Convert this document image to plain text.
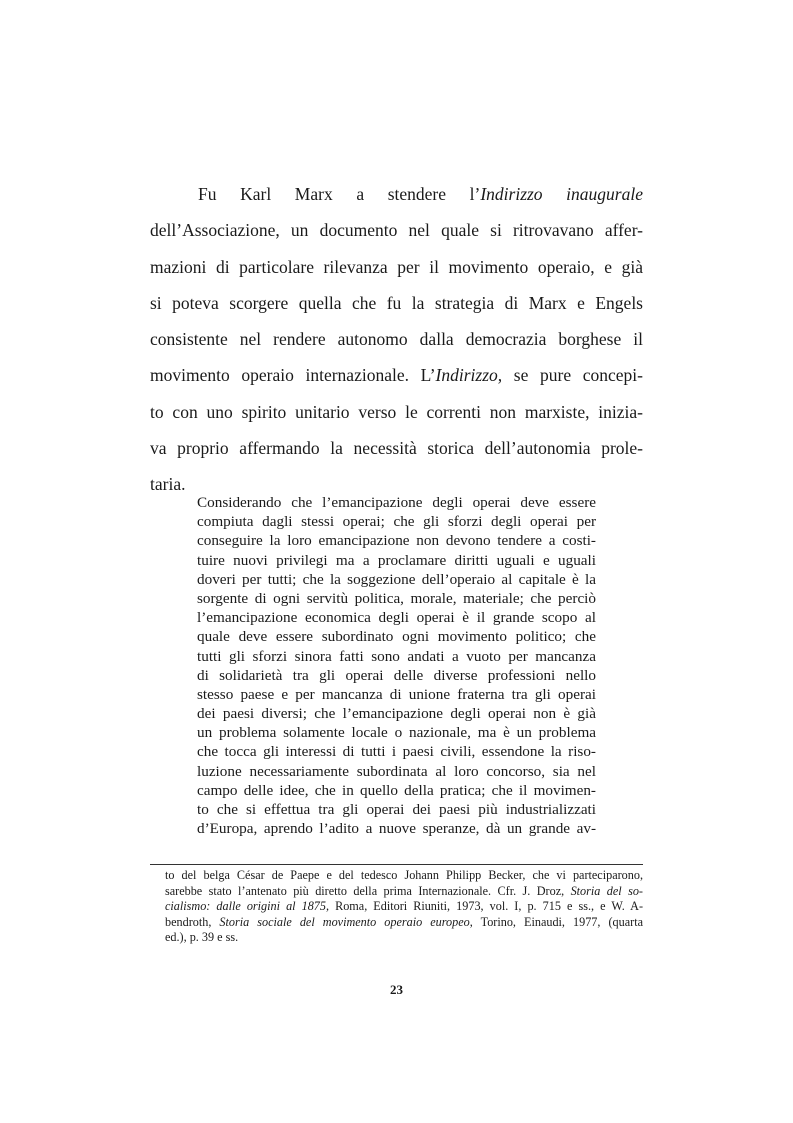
Fu Karl Marx a stendere l’Indirizzo inaugurale
dell’Associazione, un documento nel quale si ritrovavano affer-
mazioni di particolare rilevanza per il movimento operaio, e già
si poteva scorgere quella che fu la strategia di Marx e Engels
consistente nel rendere autonomo dalla democrazia borghese il
movimento operaio internazionale. L’Indirizzo, se pure concepi-
to con uno spirito unitario verso le correnti non marxiste, inizia-
va proprio affermando la necessità storica dell’autonomia prole-
taria.
Considerando che l’emancipazione degli operai deve essere
compiuta dagli stessi operai; che gli sforzi degli operai per
conseguire la loro emancipazione non devono tendere a costi-
tuire nuovi privilegi ma a proclamare diritti uguali e uguali
doveri per tutti; che la soggezione dell’operaio al capitale è la
sorgente di ogni servitù politica, morale, materiale; che perciò
l’emancipazione economica degli operai è il grande scopo al
quale deve essere subordinato ogni movimento politico; che
tutti gli sforzi sinora fatti sono andati a vuoto per mancanza
di solidarietà tra gli operai delle diverse professioni nello
stesso paese e per mancanza di unione fraterna tra gli operai
dei paesi diversi; che l’emancipazione degli operai non è già
un problema solamente locale o nazionale, ma è un problema
che tocca gli interessi di tutti i paesi civili, essendone la riso-
luzione necessariamente subordinata al loro concorso, sia nel
campo delle idee, che in quello della pratica; che il movimen-
to che si effettua tra gli operai dei paesi più industrializzati
d’Europa, aprendo l’adito a nuove speranze, dà un grande av-
to del belga César de Paepe e del tedesco Johann Philipp Becker, che vi parteciparono,
sarebbe stato l’antenato più diretto della prima Internazionale. Cfr. J. Droz, Storia del so-
cialismo: dalle origini al 1875, Roma, Editori Riuniti, 1973, vol. I, p. 715 e ss., e W. A-
bendroth, Storia sociale del movimento operaio europeo, Torino, Einaudi, 1977, (quarta
ed.), p. 39 e ss.
23
